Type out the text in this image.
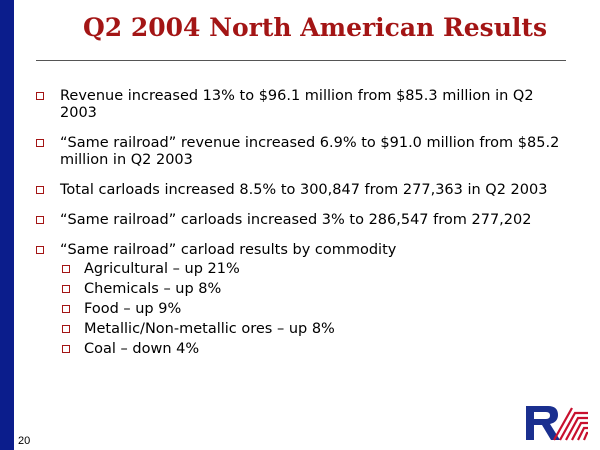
Q2 2004 North American Results
Revenue increased 13% to $96.1 million from $85.3 million in Q2 2003
“Same railroad” revenue increased 6.9% to $91.0 million from $85.2 million in Q2 2003
Total carloads increased 8.5% to 300,847 from 277,363 in Q2 2003
“Same railroad” carloads increased 3% to 286,547 from 277,202
“Same railroad” carload results by commodity
Agricultural – up 21%
Chemicals – up 8%
Food – up 9%
Metallic/Non-metallic ores – up 8%
Coal – down 4%
20
